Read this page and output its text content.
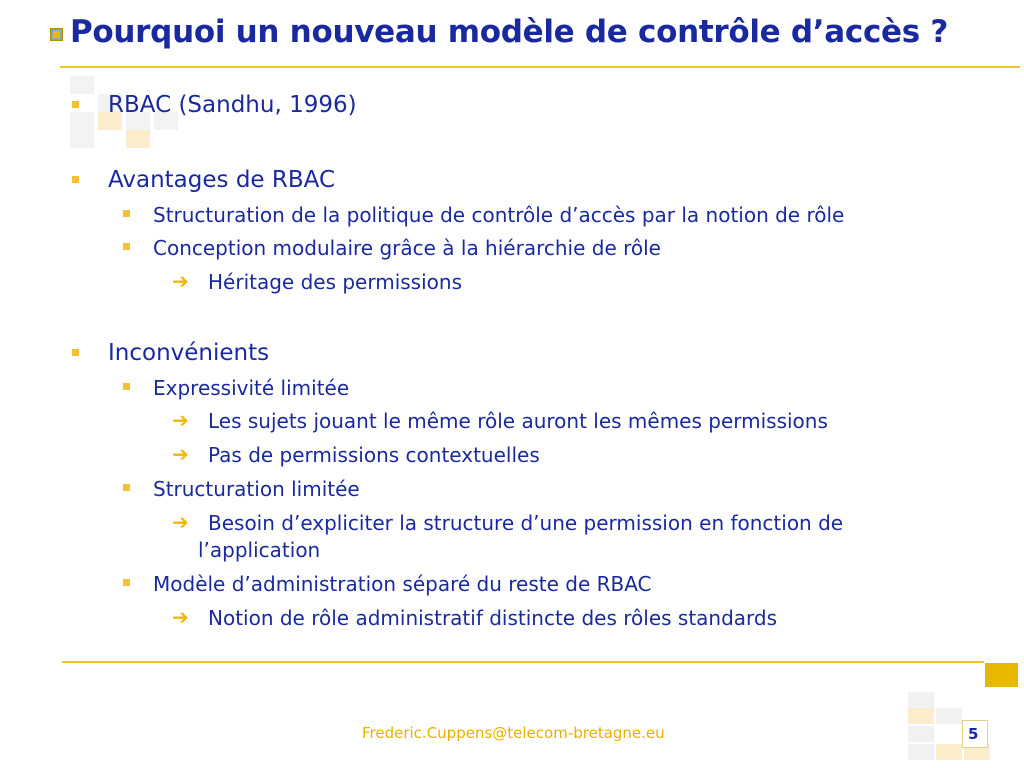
Pourquoi un nouveau modèle de contrôle d’accès ?
RBAC (Sandhu, 1996)
Avantages de RBAC
Structuration de la politique de contrôle d’accès par la notion de rôle
Conception modulaire grâce à la hiérarchie de rôle
➔ Héritage des permissions
Inconvénients
Expressivité limitée
➔ Les sujets jouant le même rôle auront les mêmes permissions
➔ Pas de permissions contextuelles
Structuration limitée
➔ Besoin d’expliciter la structure d’une permission en fonction de
l’application
Modèle d’administration séparé du reste de RBAC
➔ Notion de rôle administratif distincte des rôles standards
Frederic.Cuppens@telecom-bretagne.eu	5
